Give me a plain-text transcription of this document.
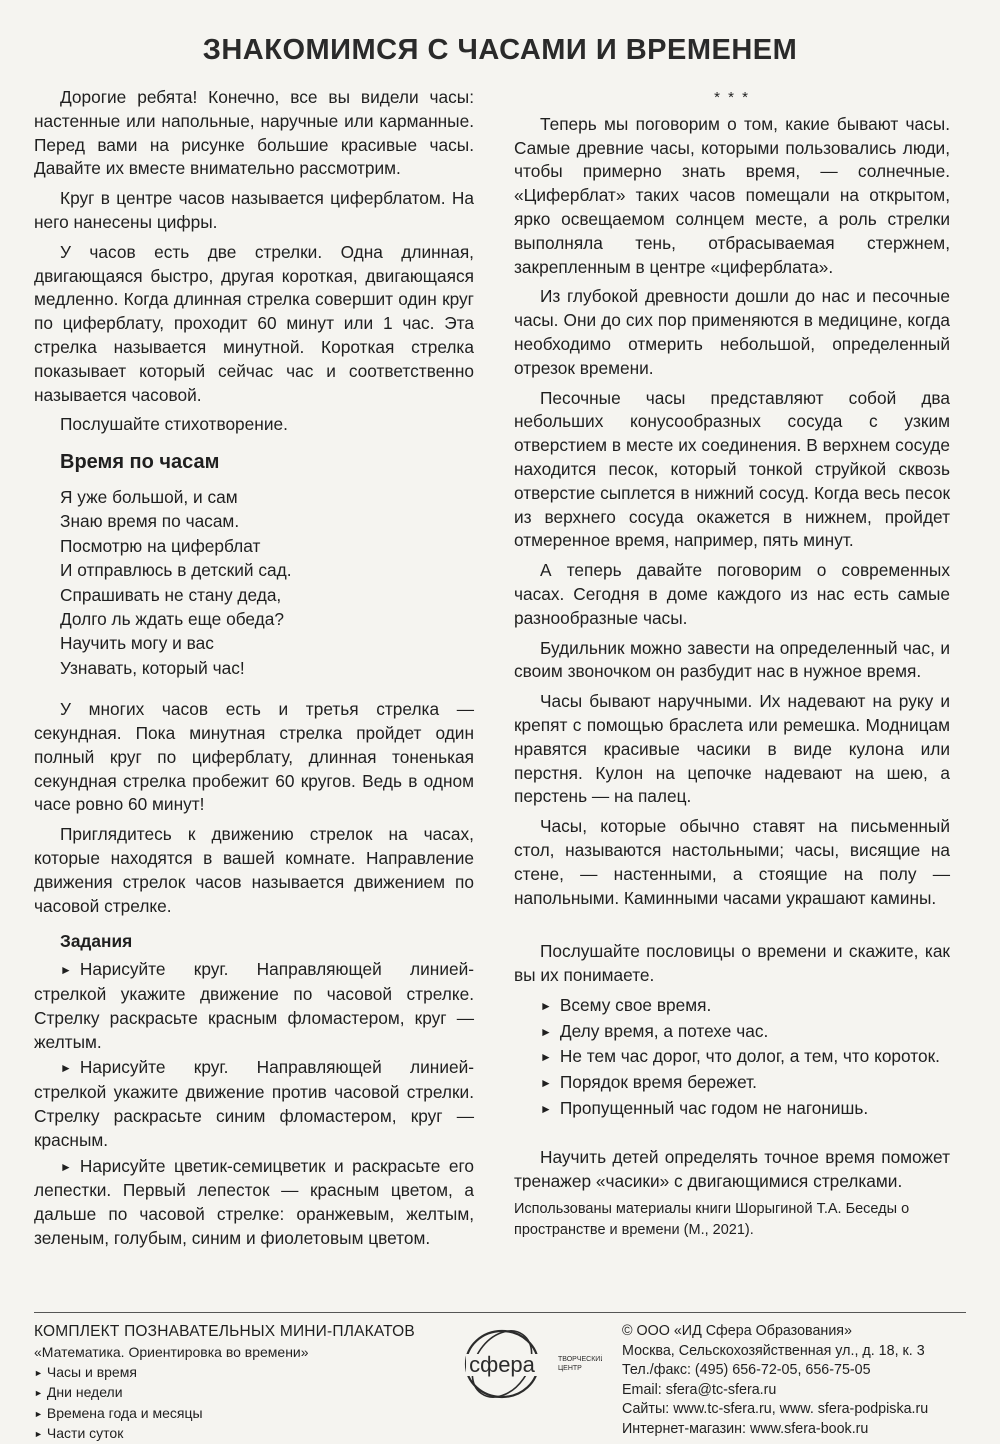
ЗНАКОМИМСЯ С ЧАСАМИ И ВРЕМЕНЕМ

Дорогие ребята! Конечно, все вы видели часы: настенные или напольные, наручные или карманные. Перед вами на рисунке большие красивые часы. Давайте их вместе внимательно рассмотрим.

Круг в центре часов называется циферблатом. На него нанесены цифры.

У часов есть две стрелки. Одна длинная, двигающаяся быстро, другая короткая, двигающаяся медленно. Когда длинная стрелка совершит один круг по циферблату, проходит 60 минут или 1 час. Эта стрелка называется минутной. Короткая стрелка показывает который сейчас час и соответственно называется часовой.

Послушайте стихотворение.

Время по часам
Я уже большой, и сам
Знаю время по часам.
Посмотрю на циферблат
И отправлюсь в детский сад.
Спрашивать не стану деда,
Долго ль ждать еще обеда?
Научить могу и вас
Узнавать, который час!

У многих часов есть и третья стрелка — секундная. Пока минутная стрелка пройдет один полный круг по циферблату, длинная тоненькая секундная стрелка пробежит 60 кругов. Ведь в одном часе ровно 60 минут!

Приглядитесь к движению стрелок на часах, которые находятся в вашей комнате. Направление движения стрелок часов называется движением по часовой стрелке.

Задания
► Нарисуйте круг. Направляющей линией-стрелкой укажите движение по часовой стрелке. Стрелку раскрасьте красным фломастером, круг — желтым.
► Нарисуйте круг. Направляющей линией-стрелкой укажите движение против часовой стрелки. Стрелку раскрасьте синим фломастером, круг — красным.
► Нарисуйте цветик-семицветик и раскрасьте его лепестки. Первый лепесток — красным цветом, а дальше по часовой стрелке: оранжевым, желтым, зеленым, голубым, синим и фиолетовым цветом.
* * *

Теперь мы поговорим о том, какие бывают часы. Самые древние часы, которыми пользовались люди, чтобы примерно знать время, — солнечные. «Циферблат» таких часов помещали на открытом, ярко освещаемом солнцем месте, а роль стрелки выполняла тень, отбрасываемая стержнем, закрепленным в центре «циферблата».

Из глубокой древности дошли до нас и песочные часы. Они до сих пор применяются в медицине, когда необходимо отмерить небольшой, определенный отрезок времени.

Песочные часы представляют собой два небольших конусообразных сосуда с узким отверстием в месте их соединения. В верхнем сосуде находится песок, который тонкой струйкой сквозь отверстие сыплется в нижний сосуд. Когда весь песок из верхнего сосуда окажется в нижнем, пройдет отмеренное время, например, пять минут.

А теперь давайте поговорим о современных часах. Сегодня в доме каждого из нас есть самые разнообразные часы.

Будильник можно завести на определенный час, и своим звоночком он разбудит нас в нужное время.

Часы бывают наручными. Их надевают на руку и крепят с помощью браслета или ремешка. Модницам нравятся красивые часики в виде кулона или перстня. Кулон на цепочке надевают на шею, а перстень — на палец.

Часы, которые обычно ставят на письменный стол, называются настольными; часы, висящие на стене, — настенными, а стоящие на полу — напольными. Каминными часами украшают камины.

Послушайте пословицы о времени и скажите, как вы их понимаете.

► Всему свое время.
► Делу время, а потехе час.
► Не тем час дорог, что долог, а тем, что короток.
► Порядок время бережет.
► Пропущенный час годом не нагонишь.

Научить детей определять точное время поможет тренажер «часики» с двигающимися стрелками.

Использованы материалы книги Шорыгиной Т.А. Беседы о пространстве и времени (М., 2021).
КОМПЛЕКТ ПОЗНАВАТЕЛЬНЫХ МИНИ-ПЛАКАТОВ
«Математика. Ориентировка во времени»
► Часы и время
► Дни недели
► Времена года и месяцы
► Части суток
сфера	ТВОРЧЕСКИЙ
ЦЕНТР
© ООО «ИД Сфера Образования»
Москва, Сельскохозяйственная ул., д. 18, к. 3
Тел./факс: (495) 656-72-05, 656-75-05
Email: sfera@tc-sfera.ru
Сайты: www.tc-sfera.ru, www. sfera-podpiska.ru
Интернет-магазин: www.sfera-book.ru
